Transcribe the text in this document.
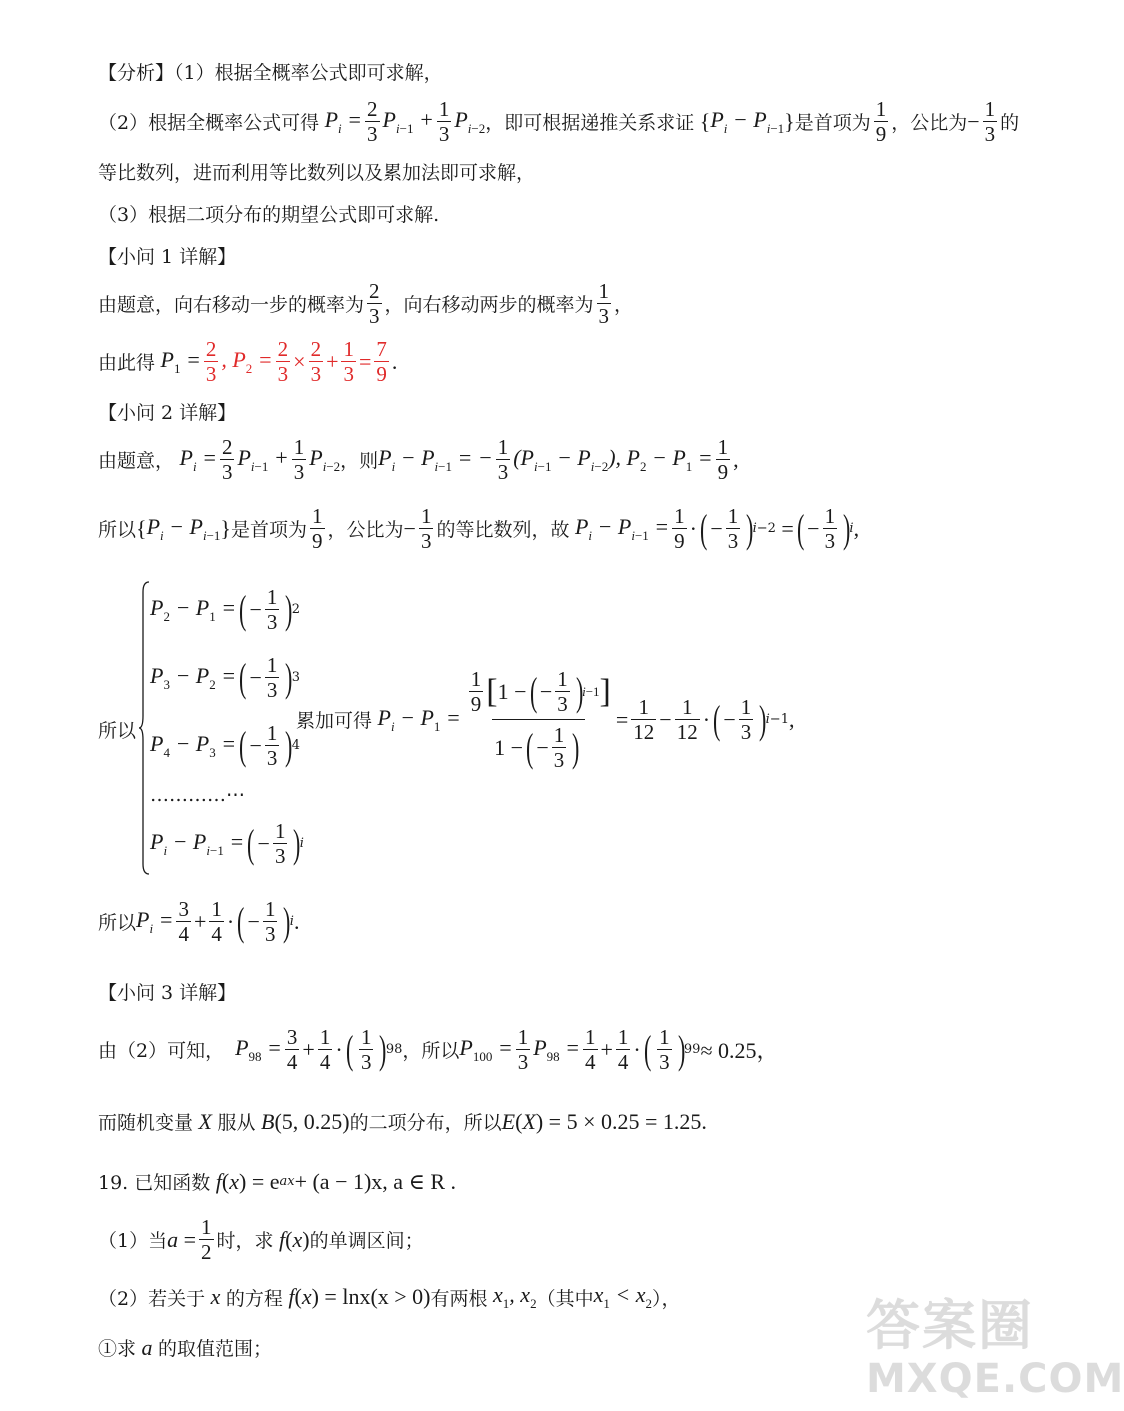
【分析】（1）根据全概率公式即可求解，
（2）根据全概率公式可得 $P_i = \frac{2}{3} P_{i-1} + \frac{1}{3} P_{i-2}$ ，即可根据递推关系求证 { $P_i - P_{i-1}$ } 是首项为 $\frac{1}{9}$ ，公比为 − $\frac{1}{3}$ 的
等比数列，进而利用等比数列以及累加法即可求解，
（3）根据二项分布的期望公式即可求解.
【小问 1 详解】
由题意，向右移动一步的概率为 $\frac{2}{3}$ ，向右移动两步的概率为 $\frac{1}{3}$ ，
由此得 $P_1 = \frac{2}{3}$ , $P_2 = \frac{2}{3} \times \frac{2}{3} + \frac{1}{3} = \frac{7}{9}$ .
【小问 2 详解】
由题意， $P_i = \frac{2}{3} P_{i-1} + \frac{1}{3} P_{i-2}$ ，则 $P_i - P_{i-1}$ = − $\frac{1}{3} (P_{i-1} - P_{i-2})$, $P_2 - P_1 = \frac{1}{9}$ ,
所以 { $P_i - P_{i-1}$ } 是首项为 $\frac{1}{9}$ ，公比为 − $\frac{1}{3}$ 的等比数列，故 $P_i - P_{i-1} = \frac{1}{9}$ · ( − $\frac{1}{3}$ )
i −2 = ( − $\frac{1}{3}$ )
i ,
所以
$P_2 - P_1$ = ( − $\frac{1}{3}$ )
2
$P_3 - P_2$ = ( − $\frac{1}{3}$ )
3
$P_4 - P_3$ = ( − $\frac{1}{3}$ )
4
…………⋯
$P_i - P_{i-1}$ = ( − $\frac{1}{3}$ )
i
累加可得 $P_i - P_1 = \frac{1}{9}$ [ 1 − ( − $\frac{1}{3}$ )
i −1 ]
1 − ( − $\frac{1}{3}$ ) = $\frac{1}{12} - \frac{1}{12}$ · ( − $\frac{1}{3}$ )
i −1 ,
所以 $P_i = \frac{3}{4} + \frac{1}{4}$ · ( − $\frac{1}{3}$ )
i .
【小问 3 详解】
由（2）可知， $P_{98} = \frac{3}{4} + \frac{1}{4}$ · ( $\frac{1}{3}$ )
98 ，所以 $P_{100} = \frac{1}{3} P_{98} = \frac{1}{4} + \frac{1}{4}$ · ( $\frac{1}{3}$ )
99 ≈ 0.25，
而随机变量 X 服从 B (5, 0.25) 的二项分布，所以 E ( X ) = 5 × 0.25 = 1.25.
19. 已知函数 f ( x ) = e ax + (a − 1)x, a ∈ R .
（1）当 $a = \frac{1}{2}$ 时，求 f ( x ) 的单调区间；
（2）若关于 x 的方程 f ( x ) = lnx(x > 0) 有两根 $x_1$, $x_2$ （其中 $x_1 < x_2$ ），
①求 a 的取值范围；	答案圈
MXQE.COM
